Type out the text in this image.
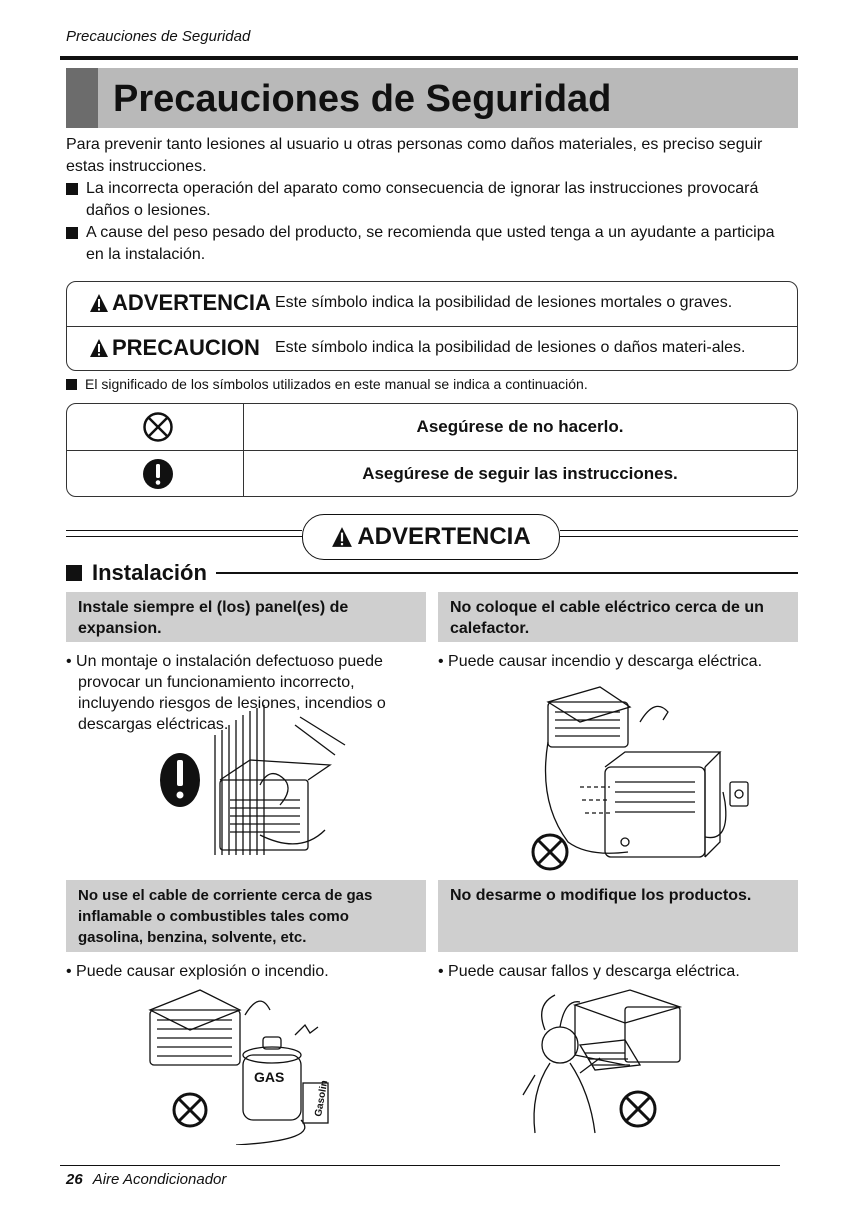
Precauciones de Seguridad
Precauciones de Seguridad

Para prevenir tanto lesiones al usuario u otras personas como daños materiales, es preciso seguir estas instrucciones.

La incorrecta operación del aparato como consecuencia de ignorar las instrucciones provocará daños o lesiones.
A cause del peso pesado del producto, se recomienda que usted tenga a un ayudante a participa en la instalación.
ADVERTENCIA Este símbolo indica la posibilidad de lesiones mortales o graves.
PRECAUCION Este símbolo indica la posibilidad de lesiones o daños materi-ales.
El significado de los símbolos utilizados en este manual se indica a continuación.
Asegúrese de no hacerlo.
Asegúrese de seguir las instrucciones.
ADVERTENCIA
Instalación
Instale siempre el (los) panel(es) de expansion.
• Un montaje o instalación defectuoso puede provocar un funcionamiento incorrecto, incluyendo riesgos de lesiones, incendios o descargas eléctricas.
No coloque el cable eléctrico cerca de un calefactor.
• Puede causar incendio y descarga eléctrica.
No use el cable de corriente cerca de gas inflamable o combustibles tales como gasolina, benzina, solvente, etc.
• Puede causar explosión o incendio.
No desarme o modifique los productos.
• Puede causar fallos y descarga eléctrica.
GAS
Gasolin
26 Aire Acondicionador
